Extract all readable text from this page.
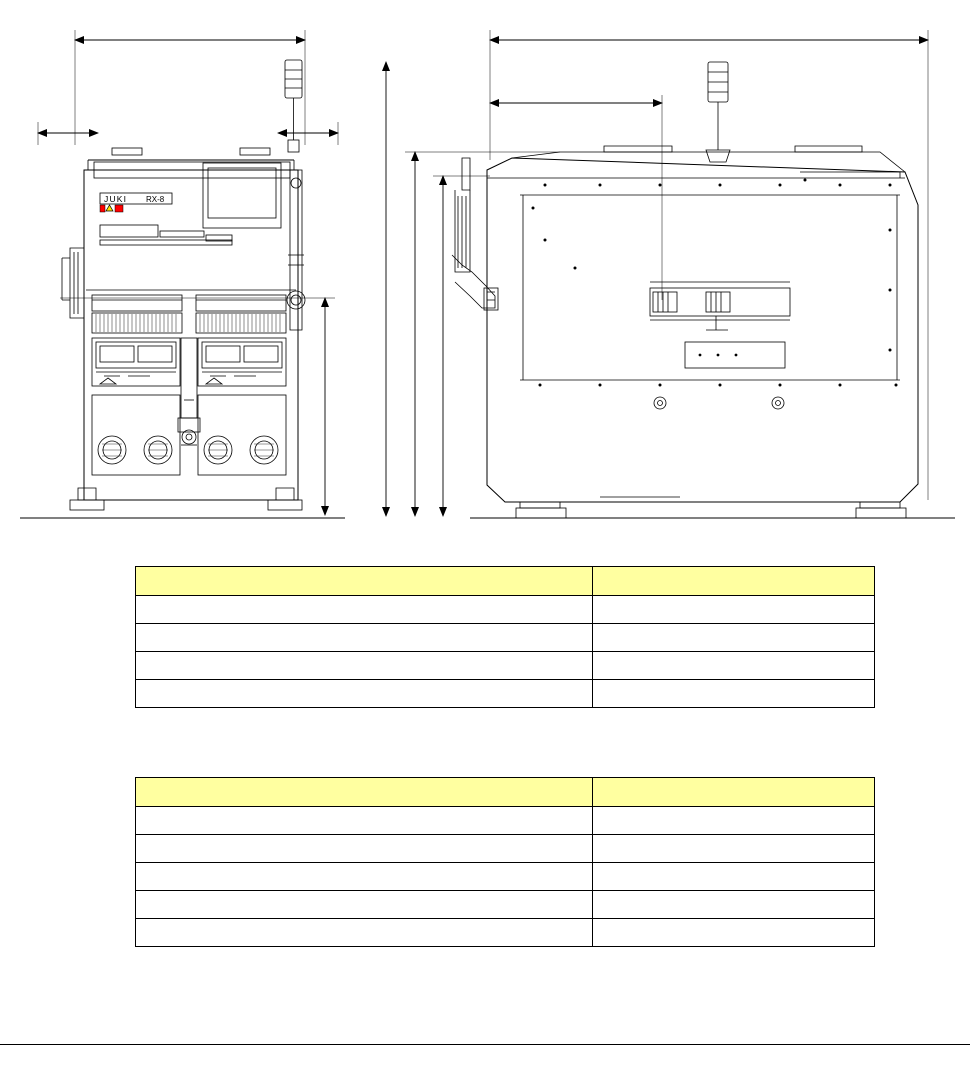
JUKI RX-8
